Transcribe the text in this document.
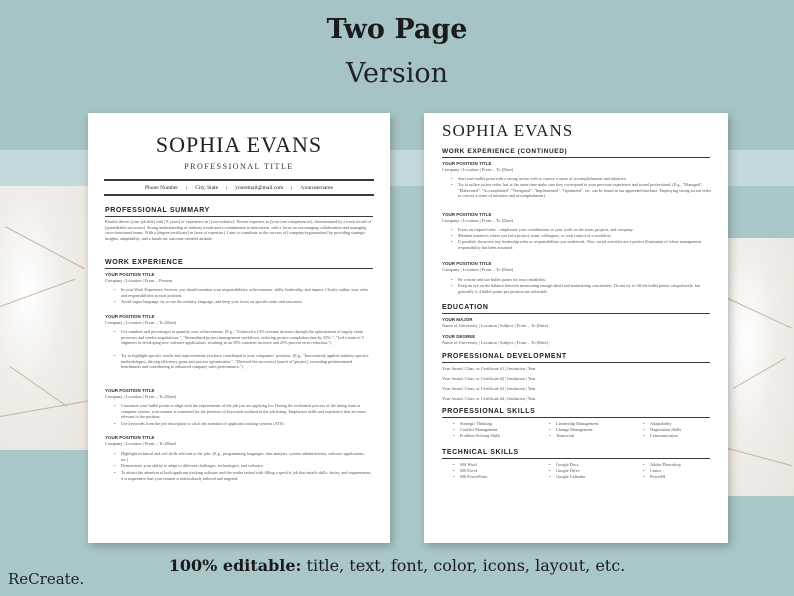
Two Page
Version
SOPHIA EVANS
PROFESSIONAL TITLE
Phone Number | City, State | youremail@mail.com | /yourusername
PROFESSIONAL SUMMARY
Results-driven [your job title] with [X years] of experience in [your industry]. Proven expertise in [your core competencies], demonstrated by a track record of [quantifiable successes]. Strong understanding of industry trends and a commitment to innovation, with a focus on encouraging collaboration and managing cross-functional teams. With a [degree/certificate] in [area of expertise], I aim to contribute to the success of [company/organization] by providing strategic insights, adaptability, and a hands-on, outcome oriented attitude.
WORK EXPERIENCE
YOUR POSITION TITLE
Company | Location | From – Present
• In your Work Experience Section, you should mention your responsibilities, achievements, skills, leadership, and impact. Clearly outline your roles and responsibilities in each position.
• Avoid vague language, try to use the industry language, and keep your focus on specific tasks and outcomes.
YOUR POSITION TITLE
Company | Location | From – To (Date)
• Use numbers and percentages to quantify your achievements. (E.g., "Achieved a 15% revenue increase through the optimization of supply chain processes and vendor negotiations.", "Streamlined project management workflows, reducing project completion time by 35%.", "Led a team of 5 engineers in developing new software applications, resulting in an 10% customer increase and 25% process error reduction.")
• Try to highlight specific results and improvements you have contributed to your companies' positions. (E.g., "Innovatively applied industry-specific methodologies, driving efficiency gains and process optimization.", "Directed the successful launch of [project], exceeding predetermined benchmarks and contributing to enhanced company sales performance.")
YOUR POSITION TITLE
Company | Location | From – To (Date)
• Customize your bullet points to align with the requirements of the job you are applying for. During the evaluation process of the hiring team or computer system, your resume is examined for the presence of keywords outlined in the job listing. Emphasize skills and experience that are most relevant to the position.
• Use keywords from the job description to catch the attention of applicant tracking systems (ATS).
YOUR POSITION TITLE
Company | Location | From – To (Date)
• Highlight technical and soft skills relevant to the jobs. (E.g., programming languages, data analysis, system administration, software applications, etc.)
• Demonstrate your ability to adapt to different challenges, technologies, and software.
• To attract the attention of both applicant tracking software and the reader tasked with filling a specific job that entails skills, duties, and requirements, it is imperative that your resume is meticulously tailored and targeted.
SOPHIA EVANS
WORK EXPERIENCE (CONTINUED)
YOUR POSITION TITLE
Company | Location | From – To (Date)
• Start each bullet point with a strong action verb to convey a sense of accomplishments and initiative.
• Try to utilize action verbs, but at the same time make sure they correspond to your previous experience and sound professional. (E.g., "Managed", "Elaborated", "Accomplished", "Navigated", "Implemented", "Optimized", etc. can be found in our appended brochure. Employing strong action verbs to convey a sense of initiative and accomplishment)
YOUR POSITION TITLE
Company | Location | From – To (Date)
• Focus on impact/value – emphasize your contributions to your work on the team, projects, and company.
• Mention instances where you led a project, team, colleagues, or took control of a workflow.
• If possible, showcase any leadership roles or responsibilities you undertook. Also, social activities are a perfect illustration of where management responsibility has been assumed.
YOUR POSITION TITLE
Company | Location | From – To (Date)
• Be concise and use bullet points for easy readability.
• Keep an eye on the balance between mentioning enough detail and maintaining conciseness. Do not try to fill the bullet points compulsively, but generally 3–4 bullet points per position are advisable.
EDUCATION
YOUR MAJOR
Name of University | Location | Subject | From – To (Date)
YOUR DEGREE
Name of University | Location | Subject | From – To (Date)
PROFESSIONAL DEVELOPMENT
Your Award, Class, or Certificate #1 | Institution | Year
Your Award, Class, or Certificate #2 | Institution | Year
Your Award, Class, or Certificate #3 | Institution | Year
Your Award, Class, or Certificate #4 | Institution | Year
PROFESSIONAL SKILLS
• Strategic Thinking
• Conflict Management
• Problem-Solving Skills
• Leadership Management
• Change Management
• Teamwork
• Adaptability
• Negotiation Skills
• Communication
TECHNICAL SKILLS
• MS Word
• MS Excel
• MS PowerPoint
• Google Docs
• Google Drive
• Google Calendar
• Adobe Photoshop
• Canva
• PowerBI
100% editable: title, text, font, color, icons, layout, etc.
ReCreate.
